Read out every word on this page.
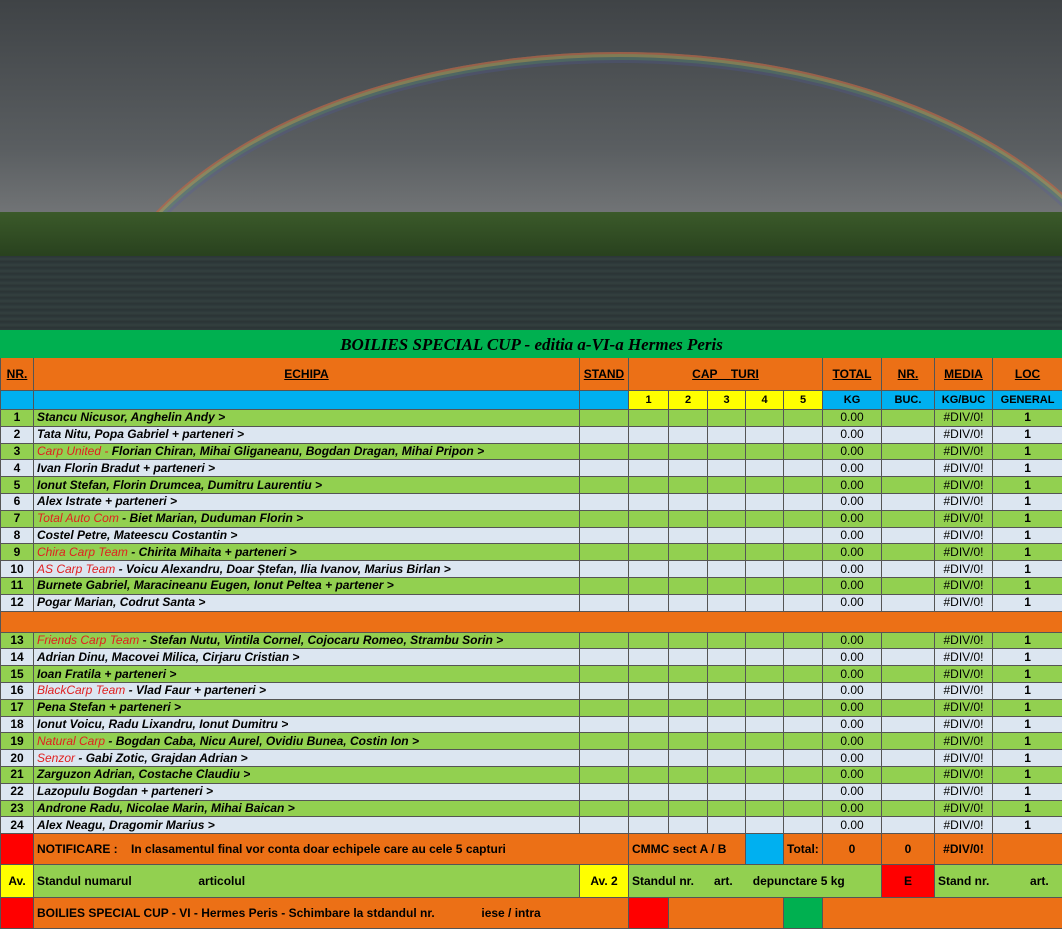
BOILIES SPECIAL CUP - editia a-VI-a Hermes Peris											
NR.	ECHIPA	STAND	CAP TURI					TOTAL	NR.	MEDIA	LOC
			1	2	3	4	5	KG	BUC.	KG/BUC	GENERAL
1	Stancu Nicusor, Anghelin Andy >							0.00		#DIV/0!	1
2	Tata Nitu, Popa Gabriel + parteneri >							0.00		#DIV/0!	1
3	Carp United - Florian Chiran, Mihai Gliganeanu, Bogdan Dragan, Mihai Pripon >							0.00		#DIV/0!	1
4	Ivan Florin Bradut + parteneri >							0.00		#DIV/0!	1
5	Ionut Stefan, Florin Drumcea, Dumitru Laurentiu >							0.00		#DIV/0!	1
6	Alex Istrate + parteneri >							0.00		#DIV/0!	1
7	Total Auto Com - Biet Marian, Duduman Florin >							0.00		#DIV/0!	1
8	Costel Petre, Mateescu Costantin >							0.00		#DIV/0!	1
9	Chira Carp Team - Chirita Mihaita + parteneri >							0.00		#DIV/0!	1
10	AS Carp Team - Voicu Alexandru, Doar Ștefan, Ilia Ivanov, Marius Birlan >							0.00		#DIV/0!	1
11	Burnete Gabriel, Maracineanu Eugen, Ionut Peltea + partener >							0.00		#DIV/0!	1
12	Pogar Marian, Codrut Santa >							0.00		#DIV/0!	1

13	Friends Carp Team - Stefan Nutu, Vintila Cornel, Cojocaru Romeo, Strambu Sorin >							0.00		#DIV/0!	1
14	Adrian Dinu, Macovei Milica, Cirjaru Cristian >							0.00		#DIV/0!	1
15	Ioan Fratila + parteneri >							0.00		#DIV/0!	1
16	BlackCarp Team - Vlad Faur + parteneri >							0.00		#DIV/0!	1
17	Pena Stefan + parteneri >							0.00		#DIV/0!	1
18	Ionut Voicu, Radu Lixandru, Ionut Dumitru >							0.00		#DIV/0!	1
19	Natural Carp - Bogdan Caba, Nicu Aurel, Ovidiu Bunea, Costin Ion >							0.00		#DIV/0!	1
20	Senzor - Gabi Zotic, Grajdan Adrian >							0.00		#DIV/0!	1
21	Zarguzon Adrian, Costache Claudiu >							0.00		#DIV/0!	1
22	Lazopulu Bogdan + parteneri >							0.00		#DIV/0!	1
23	Androne Radu, Nicolae Marin, Mihai Baican >							0.00		#DIV/0!	1
24	Alex Neagu, Dragomir Marius >							0.00		#DIV/0!	1
	NOTIFICARE : In clasamentul final vor conta doar echipele care au cele 5 capturi		CMMC sect A / B				Total:	0	0	#DIV/0!	
Av.	Standul numarul articolul	Av. 2	Standul nr. art. depunctare 5 kg						E	Stand nr. art.	
	BOILIES SPECIAL CUP - VI - Hermes Peris - Schimbare la stdandul nr. iese / intra										
